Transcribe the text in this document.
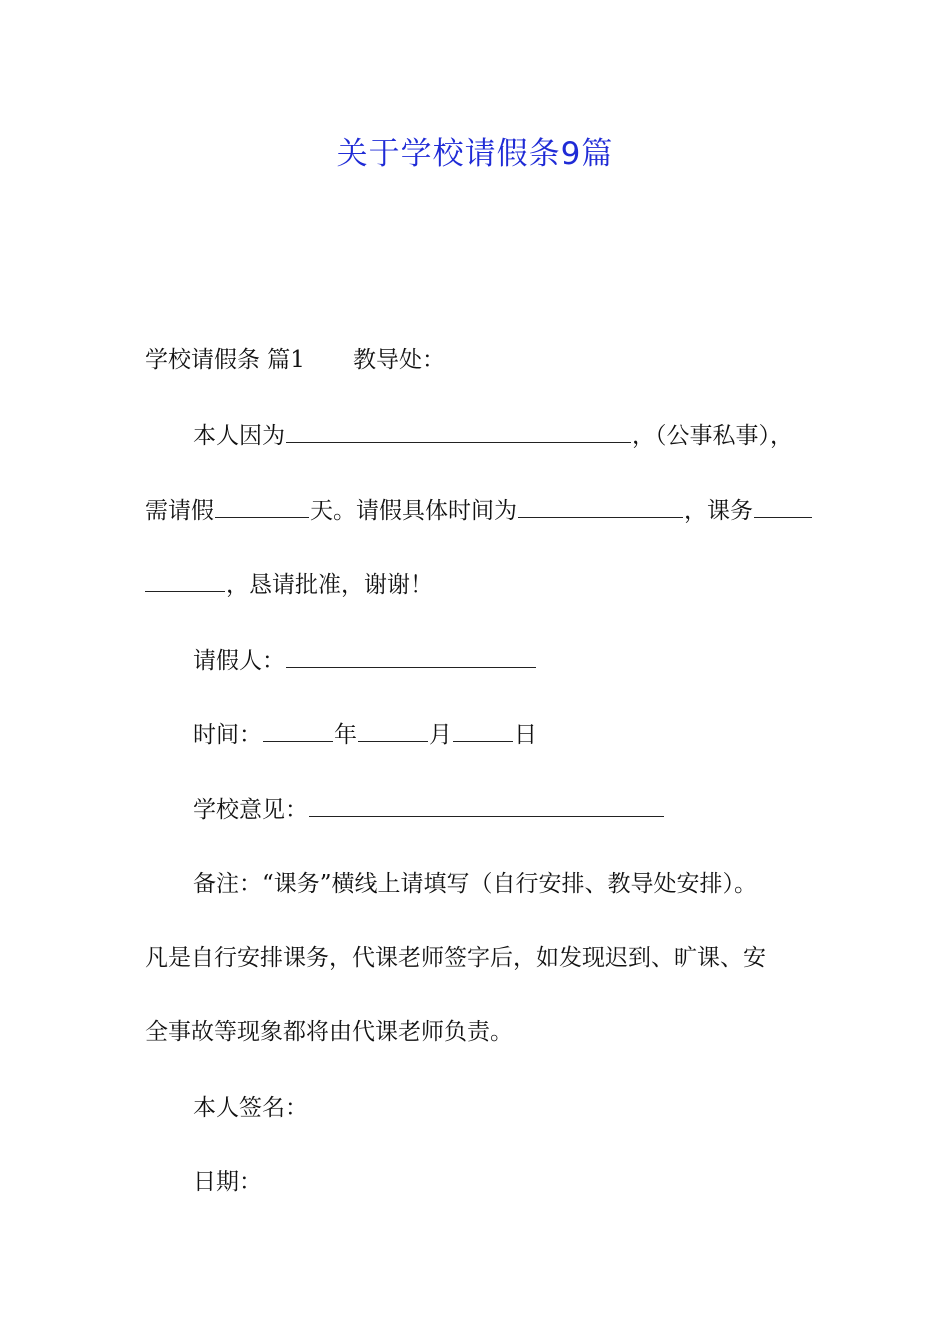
关于学校请假条9篇
学校请假条 篇1 教导处：
本人因为	，（公事私事），
需请假	天。请假具体时间为	，课务
，恳请批准，谢谢！
请假人：
时间：	年	月	日
学校意见：
备注：“课务”横线上请填写（自行安排、教导处安排）。
凡是自行安排课务，代课老师签字后，如发现迟到、旷课、安
全事故等现象都将由代课老师负责。
本人签名：
日期：
